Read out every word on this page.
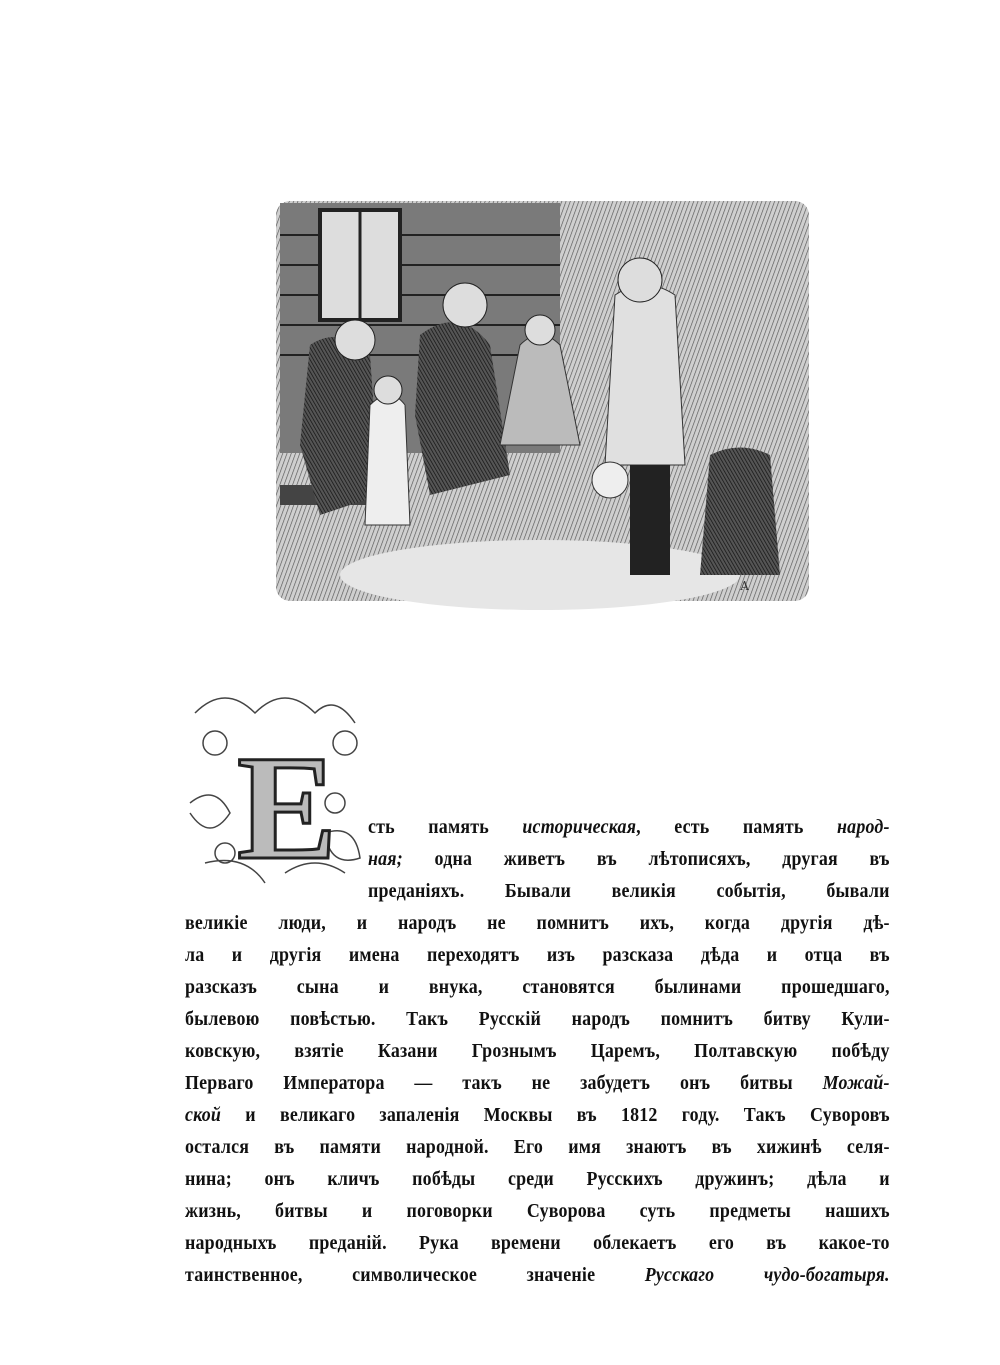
А
Е сть память историческая, есть память народ-
ная; одна живетъ въ лѣтописяхъ, другая въ
преданiяхъ. Бывали великiя событiя, бывали
великiе люди, и народъ не помнитъ ихъ, когда другiя дѣ-
ла и другiя имена переходятъ изъ разсказа дѣда и отца въ
разсказъ сына и внука, становятся былинами прошедшаго,
былевою повѣстью. Такъ Русскiй народъ помнитъ битву Кули-
ковскую, взятiе Казани Грознымъ Царемъ, Полтавскую побѣду
Перваго Императора — такъ не забудетъ онъ битвы Можай-
ской и великаго запаленiя Москвы въ 1812 году. Такъ Суворовъ
остался въ памяти народной. Его имя знаютъ въ хижинѣ селя-
нина; онъ кличъ побѣды среди Русскихъ дружинъ; дѣла и
жизнь, битвы и поговорки Суворова суть предметы нашихъ
народныхъ преданiй. Рука времени облекаетъ его въ какое-то
таинственное, символическое значенiе Русскаго чудо-богатыря.
